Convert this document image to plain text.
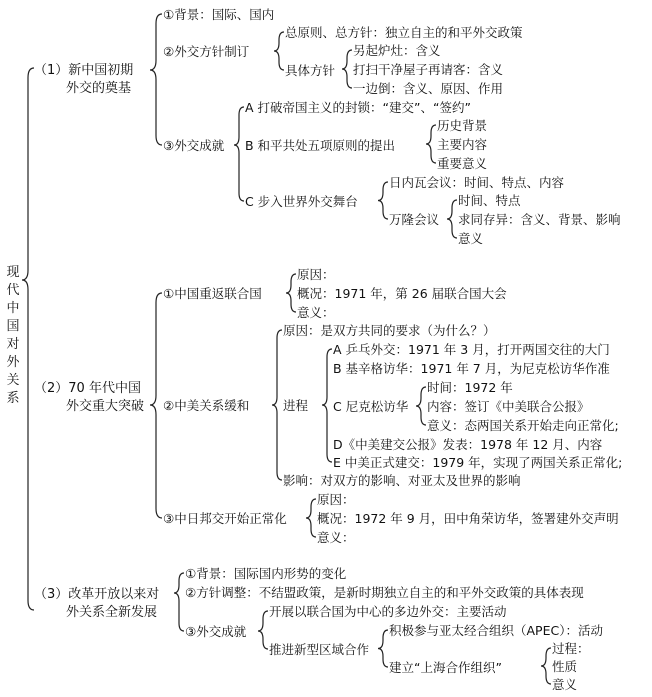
现代中国对外关系
（1）新中国初期
外交的奠基
①背景：国际、国内
②外交方针制订
总原则、总方针：独立自主的和平外交政策
具体方针
另起炉灶：含义
打扫干净屋子再请客：含义
一边倒：含义、原因、作用
③外交成就
A 打破帝国主义的封锁：“建交”、“签约”
B 和平共处五项原则的提出
历史背景
主要内容
重要意义
C 步入世界外交舞台
日内瓦会议：时间、特点、内容
万隆会议
时间、特点
求同存异：含义、背景、影响
意义
（2）70 年代中国
外交重大突破
①中国重返联合国
原因：
概况：1971 年，第 26 届联合国大会
意义：
②中美关系缓和
原因：是双方共同的要求（为什么？）
进程
A 乒乓外交：1971 年 3 月，打开两国交往的大门
B 基辛格访华：1971 年 7 月，为尼克松访华作准
C 尼克松访华
时间：1972 年
内容：签订《中美联合公报》
意义：态两国关系开始走向正常化;
D《中美建交公报》发表：1978 年 12 月、内容
E 中美正式建交：1979 年，实现了两国关系正常化;
影响：对双方的影响、对亚太及世界的影响
③中日邦交开始正常化
原因：
概况：1972 年 9 月，田中角荣访华，签署建外交声明
意义：
（3）改革开放以来对
外关系全新发展
①背景：国际国内形势的变化
②方针调整：不结盟政策，是新时期独立自主的和平外交政策的具体表现
③外交成就
开展以联合国为中心的多边外交：主要活动
推进新型区域合作
积极参与亚太经合组织（APEC）：活动
建立“上海合作组织”
过程：
性质
意义
